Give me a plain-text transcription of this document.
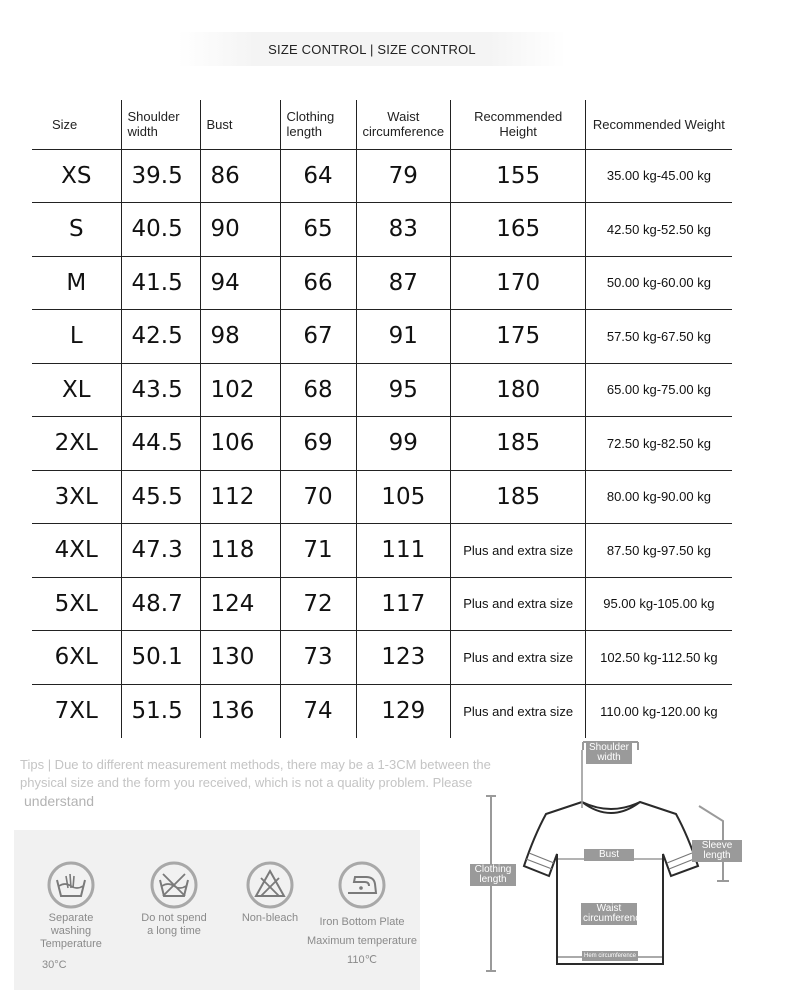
SIZE CONTROL | SIZE CONTROL
Size	Shoulder width	Bust	Clothing length	Waist circumference	Recommended Height	Recommended Weight
XS	39.5	86	64	79	155	35.00 kg-45.00 kg
S	40.5	90	65	83	165	42.50 kg-52.50 kg
M	41.5	94	66	87	170	50.00 kg-60.00 kg
L	42.5	98	67	91	175	57.50 kg-67.50 kg
XL	43.5	102	68	95	180	65.00 kg-75.00 kg
2XL	44.5	106	69	99	185	72.50 kg-82.50 kg
3XL	45.5	112	70	105	185	80.00 kg-90.00 kg
4XL	47.3	118	71	111	Plus and extra size	87.50 kg-97.50 kg
5XL	48.7	124	72	117	Plus and extra size	95.00 kg-105.00 kg
6XL	50.1	130	73	123	Plus and extra size	102.50 kg-112.50 kg
7XL	51.5	136	74	129	Plus and extra size	110.00 kg-120.00 kg
Tips | Due to different measurement methods, there may be a 1-3CM between the physical size and the form you received, which is not a quality problem. Please
understand
Separate washing
Temperature
30°C
Do not spend a long time
Non-bleach	Iron Bottom Plate
Maximum temperature
110℃
Shoulder width
Sleeve length
Clothing length
Bust
Waist circumference
Hem circumference
